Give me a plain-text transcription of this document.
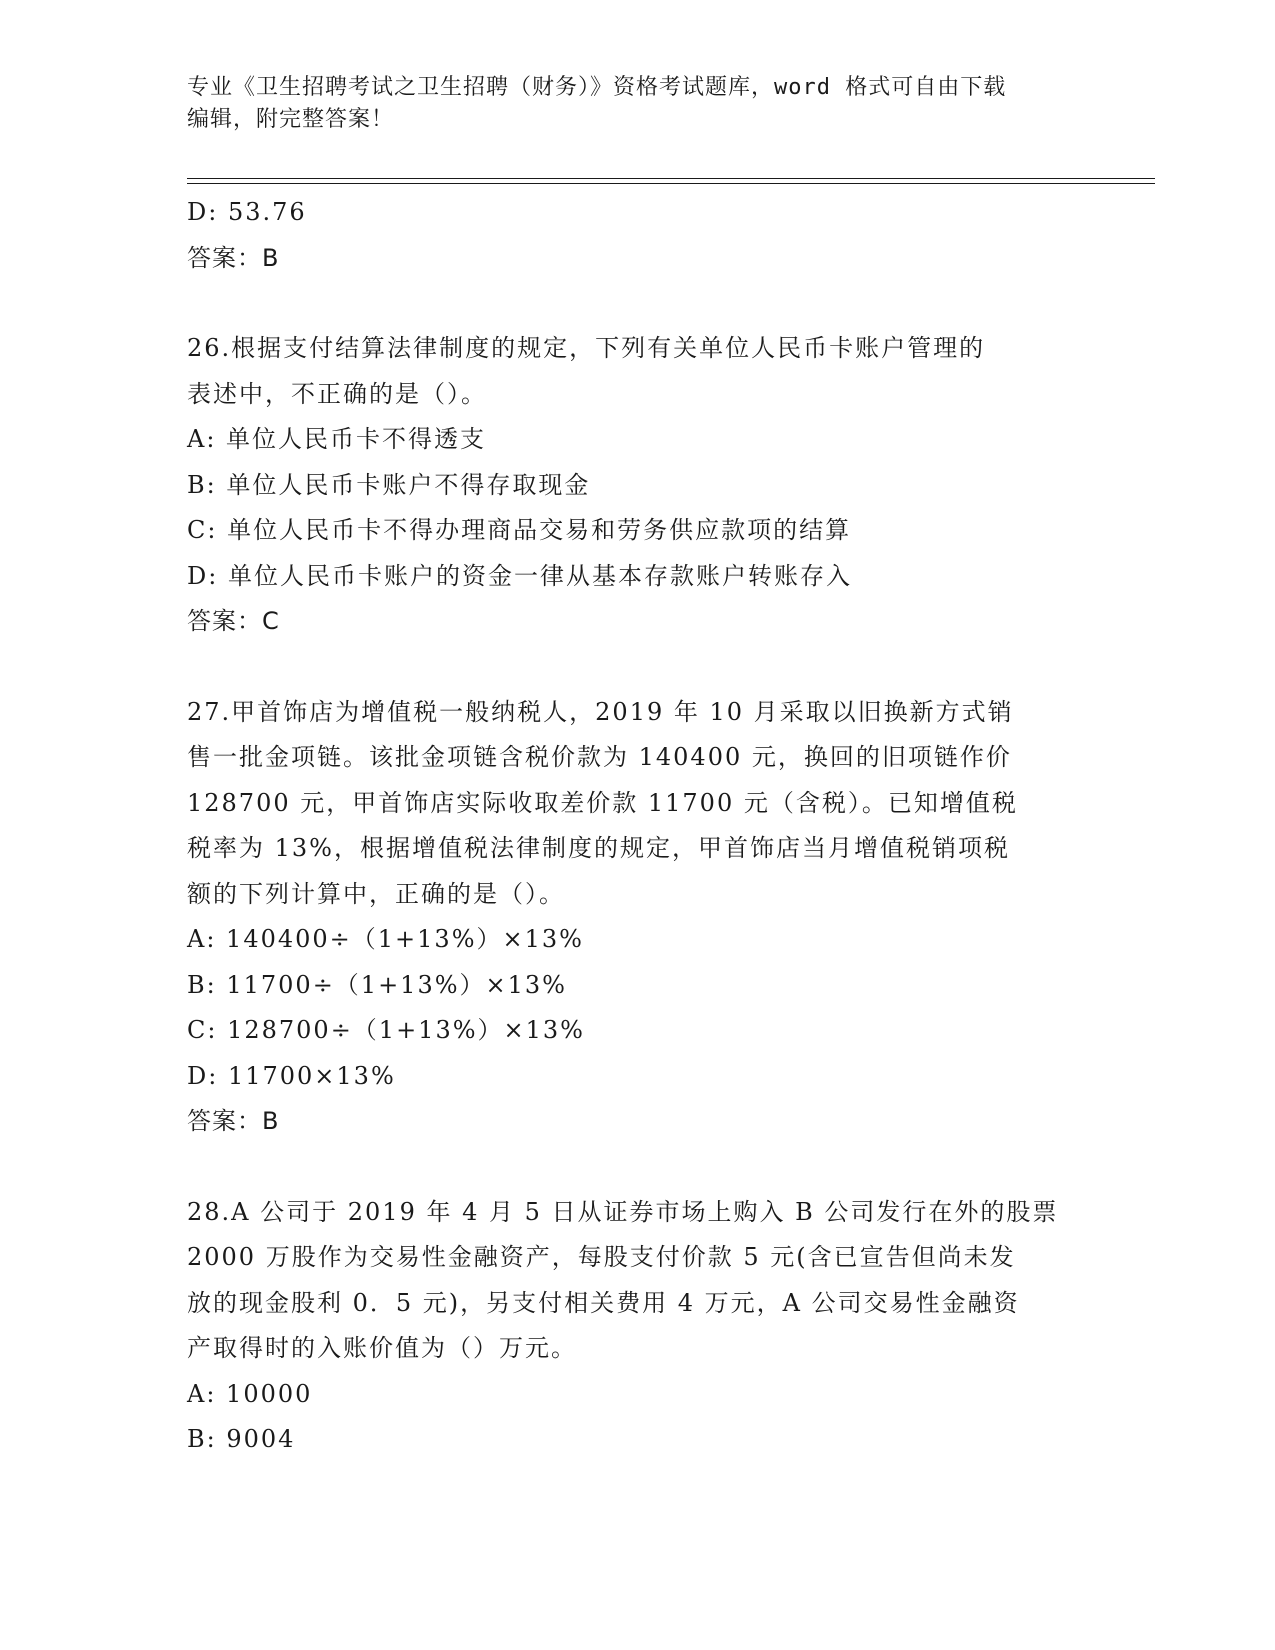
专业《卫生招聘考试之卫生招聘（财务）》资格考试题库，word 格式可自由下载
编辑，附完整答案！
D: 53.76
答案：B
26.根据支付结算法律制度的规定，下列有关单位人民币卡账户管理的
表述中，不正确的是（）。
A: 单位人民币卡不得透支
B: 单位人民币卡账户不得存取现金
C: 单位人民币卡不得办理商品交易和劳务供应款项的结算
D: 单位人民币卡账户的资金一律从基本存款账户转账存入
答案：C
27.甲首饰店为增值税一般纳税人，2019 年 10 月采取以旧换新方式销
售一批金项链。该批金项链含税价款为 140400 元，换回的旧项链作价
128700 元，甲首饰店实际收取差价款 11700 元（含税）。已知增值税
税率为 13%，根据增值税法律制度的规定，甲首饰店当月增值税销项税
额的下列计算中，正确的是（）。
A: 140400÷（1+13%）×13%
B: 11700÷（1+13%）×13%
C: 128700÷（1+13%）×13%
D: 11700×13%
答案：B
28.A 公司于 2019 年 4 月 5 日从证券市场上购入 B 公司发行在外的股票
2000 万股作为交易性金融资产，每股支付价款 5 元(含已宣告但尚未发
放的现金股利 0．5 元)，另支付相关费用 4 万元，A 公司交易性金融资
产取得时的入账价值为（）万元。
A: 10000
B: 9004
